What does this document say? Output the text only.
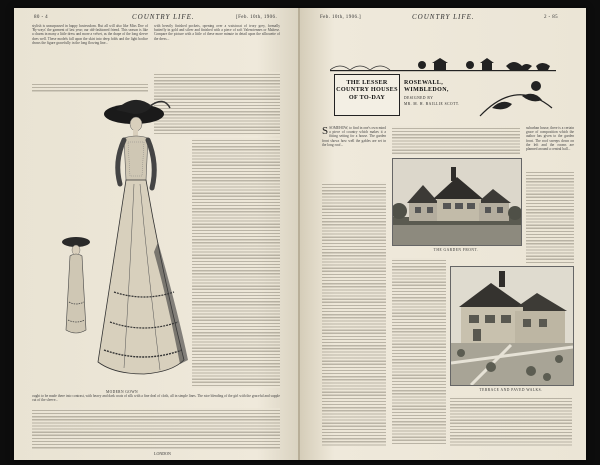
80 - 4	COUNTRY LIFE.	[Feb. 10th, 1906.

stylish is unsurpassed in happy hostessdom. But all will also like Miss Doe of 'By-ways' the garment of last year; our old-fashioned friend. This season is like a charm in many a little dress and more a velvet, as the drape of the long sleeve does well. These models fall upon the skirt into deep folds and the light bodice draws the figure gracefully in the long flowing line...

with heavily finished pockets, opening over a waistcoat of ivory grey, formally butterfly in gold and silver and finished with a piece of soft Valenciennes or Maltese. Compare the picture with a little of these more minute in detail upon the silhouette of the dress...

MODERN GOWN

ought to be made there into contrast, with heavy and dark coats of silk with a fine deal of cloth, all in simple lines. The nice blending of the girl with the graceful and supple cut of the sleeve...

LONDON
Feb. 10th, 1906.]	COUNTRY LIFE.	2 - 85
THE LESSER
COUNTRY HOUSES
OF TO-DAY
ROSEWALL,
WIMBLEDON,
DESIGNED BY
MR. M. H. BAILLIE SCOTT.

SSOMEHOW, to find in one's own mind a piece of country which makes it a fitting setting for a house. The garden front shows how well the gables are set in the long roof...

THE GARDEN FRONT.
TERRACE AND PAVED WALKS.

suburban house, there is a certain grace of composition which the author has given to the garden front. The roof sweeps down on the left and the rooms are planned around a central hall...
